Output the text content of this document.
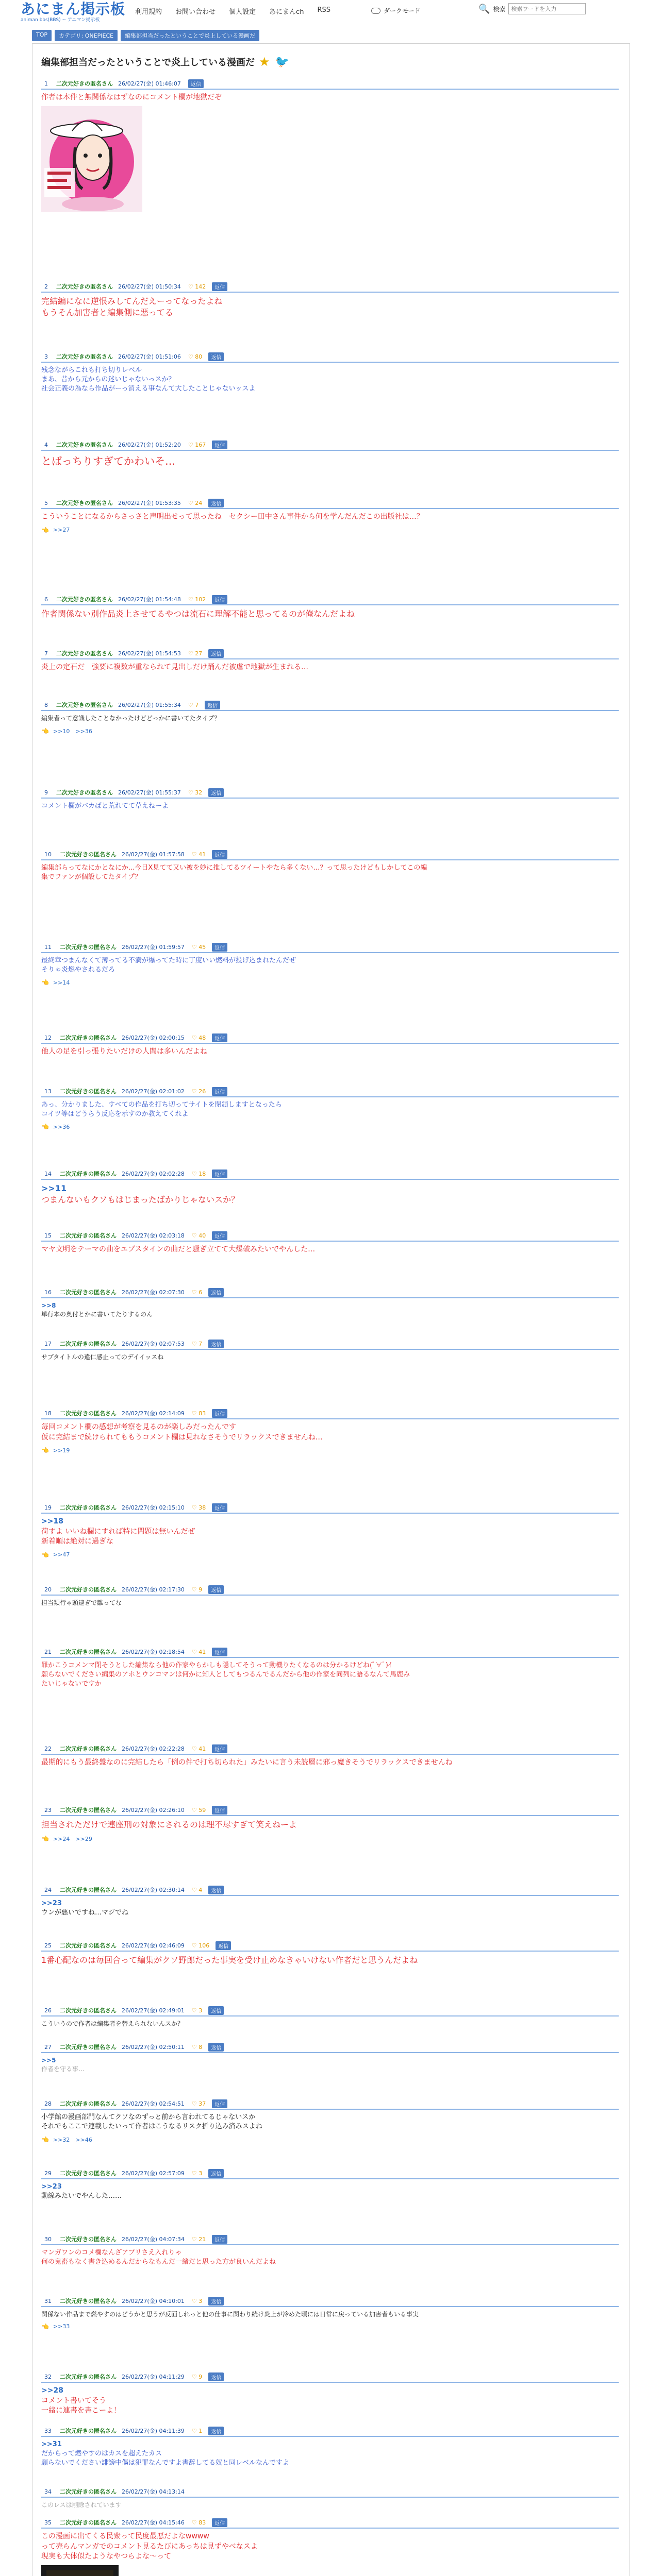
あにまん掲示板
animan bbs(BBS) ~ アニマン掲示板
利用規約 お問い合わせ 個人設定 あにまんch RSS	ダークモード	🔍 検索
検索ワードを入力
TOP	カテゴリ: ONEPIECE	編集部担当だったということで炎上している漫画だ
編集部担当だったということで炎上している漫画だ ★ 🐦
1 二次元好きの匿名さん 26/02/27(金) 01:46:07	返信
作者は本件と無関係なはずなのにコメント欄が地獄だぞ
2 二次元好きの匿名さん 26/02/27(金) 01:50:34 ♡ 142	返信
完結編になに逆恨みしてんだえーってなったよね
もうそん加害者と編集側に悪ってる
3 二次元好きの匿名さん 26/02/27(金) 01:51:06 ♡ 80	返信
残念ながらこれも打ち切りレベル
まあ、昔から元からの迷いじゃないっスか？
社会正義の為なら作品がーっ消える事なんて大したことじゃないッスよ
4 二次元好きの匿名さん 26/02/27(金) 01:52:20 ♡ 167	返信
とばっちりすぎてかわいそ…
5 二次元好きの匿名さん 26/02/27(金) 01:53:35 ♡ 24	返信
こういうことになるからさっさと声明出せって思ったね　セクシー田中さん事件から何を学んだんだこの出版社は…？
👈 >>27
6 二次元好きの匿名さん 26/02/27(金) 01:54:48 ♡ 102	返信
作者関係ない別作品炎上させてるやつは流石に理解不能と思ってるのが俺なんだよね
7 二次元好きの匿名さん 26/02/27(金) 01:54:53 ♡ 27	返信
炎上の定石だ　強要に複数が重なられて見出しだけ踊んだ被虐で地獄が生まれる…
8 二次元好きの匿名さん 26/02/27(金) 01:55:34 ♡ 7	返信
編集者って意識したことなかったけどどっかに書いてたタイプ？
👈 >>10　>>36
9 二次元好きの匿名さん 26/02/27(金) 01:55:37 ♡ 32	返信
コメント欄がバカばと荒れてて草えねーよ
10 二次元好きの匿名さん 26/02/27(金) 01:57:58 ♡ 41	返信
編集部らってなにかとなにか...今日X見てて又い被を妙に推してるツイートやたら多くない…？って思ったけどもしかしてこの編
集でファンが個設してたタイプ？
11 二次元好きの匿名さん 26/02/27(金) 01:59:57 ♡ 45	返信
最終章つまんなくて薄ってる不満が爆ってた時に丁度いい燃料が投げ込まれたんだぜ
そりゃ炎燃やされるだろ
👈 >>14
12 二次元好きの匿名さん 26/02/27(金) 02:00:15 ♡ 48	返信
他人の足を引っ張りたいだけの人間は多いんだよね
13 二次元好きの匿名さん 26/02/27(金) 02:01:02 ♡ 26	返信
あっ、分かりました、すべての作品を打ち切ってサイトを閉鎖しますとなったら
コイツ等はどうらう反応を示すのか教えてくれよ
👈 >>36
14 二次元好きの匿名さん 26/02/27(金) 02:02:28 ♡ 18	返信
>>11
つまんないもクソもはじまったばかりじゃないスか？
15 二次元好きの匿名さん 26/02/27(金) 02:03:18 ♡ 40	返信
マヤ文明をテーマの曲をエブスタインの曲だと騒ぎ立てて大爆破みたいでやんした…
16 二次元好きの匿名さん 26/02/27(金) 02:07:30 ♡ 6	返信
>>8
単行本の奥付とかに書いてたりするのん
17 二次元好きの匿名さん 26/02/27(金) 02:07:53 ♡ 7	返信
サブタイトルの違仁感止ってのデイイッスね
18 二次元好きの匿名さん 26/02/27(金) 02:14:09 ♡ 83	返信
毎回コメント欄の感想が考察を見るのが楽しみだったんです
仮に完結まで続けられてももうコメント欄は見れなさそうでリラックスできませんね…
👈 >>19
19 二次元好きの匿名さん 26/02/27(金) 02:15:10 ♡ 38	返信
>>18
荷すよ いいね欄にすれば特に問題は無いんだぜ
新着順は絶対に過ぎな
👈 >>47
20 二次元好きの匿名さん 26/02/27(金) 02:17:30 ♡ 9	返信
担当類行ゃ頭逮ぎで雛ってな
21 二次元好きの匿名さん 26/02/27(金) 02:18:54 ♡ 41	返信
罪かこうコメンマ閉そうとした編集なら他の作家やらかしも隠してそうって動機りたくなるのは分かるけどね(ﾟ∀ﾟ)ｲ
願らないでください編集のアホとウンコマンは何かに知人としてもつるんでるんだから他の作家を同列に語るなんて馬鹿み
たいじゃないですか
22 二次元好きの匿名さん 26/02/27(金) 02:22:28 ♡ 41	返信
最期的にもう最終盤なのに完結したら「例の件で打ち切られた」みたいに言う未読層に邪っ魔きそうでリラックスできませんね
23 二次元好きの匿名さん 26/02/27(金) 02:26:10 ♡ 59	返信
担当されただけで連座刑の対象にされるのは理不尽すぎて笑えねーよ
👈 >>24　>>29
24 二次元好きの匿名さん 26/02/27(金) 02:30:14 ♡ 4	返信
>>23
ウンが悪いですね…マジでね
25 二次元好きの匿名さん 26/02/27(金) 02:46:09 ♡ 106	返信
1番心配なのは毎回合って編集がクソ野郎だった事実を受け止めなきゃいけない作者だと思うんだよね
26 二次元好きの匿名さん 26/02/27(金) 02:49:01 ♡ 3	返信
こういうので作者は編集者を替えられないんスか？
27 二次元好きの匿名さん 26/02/27(金) 02:50:11 ♡ 8	返信
>>5
作者を守る事…
28 二次元好きの匿名さん 26/02/27(金) 02:54:51 ♡ 37	返信
小学館の漫画部門なんてクソなのずっと前から言われてるじゃないスか
それでもここで連載したいって作者はこうなるリスク折り込み済みスよね
👈 >>32　>>46
29 二次元好きの匿名さん 26/02/27(金) 02:57:09 ♡ 3	返信
>>23
動線みたいでやんした……
30 二次元好きの匿名さん 26/02/27(金) 04:07:34 ♡ 21	返信
マンガワンのコメ欄なんざアプリさえ入れりゃ
何の鬼畜もなく書き込めるんだからなもんだ一緒だと思った方が良いんだよね
31 二次元好きの匿名さん 26/02/27(金) 04:10:01 ♡ 3	返信
関係ない作品まで燃やすのはどうかと思うが反面しれっと他の仕事に関わり続け炎上が冷めた頃には日常に戻っている加害者もいる事実
👈 >>33
32 二次元好きの匿名さん 26/02/27(金) 04:11:29 ♡ 9	返信
>>28
コメント書いてそう
一緒に連書を書こーよ！
33 二次元好きの匿名さん 26/02/27(金) 04:11:39 ♡ 1	返信
>>31
だからって燃やすのはカスを超えたカス
願らないでください誹謗中傷は犯罪なんですよ書辞してる奴と同レベルなんですよ
34 二次元好きの匿名さん 26/02/27(金) 04:13:14
このレスは削除されています
35 二次元好きの匿名さん 26/02/27(金) 04:15:46 ♡ 83	返信
この漫画に出てくる民衆って民度最悪だよなwwww
って売らんマンガでのコメント見るたびにあっちは見ずやべなスよ
現実も大体似たようなやつらよな～って
